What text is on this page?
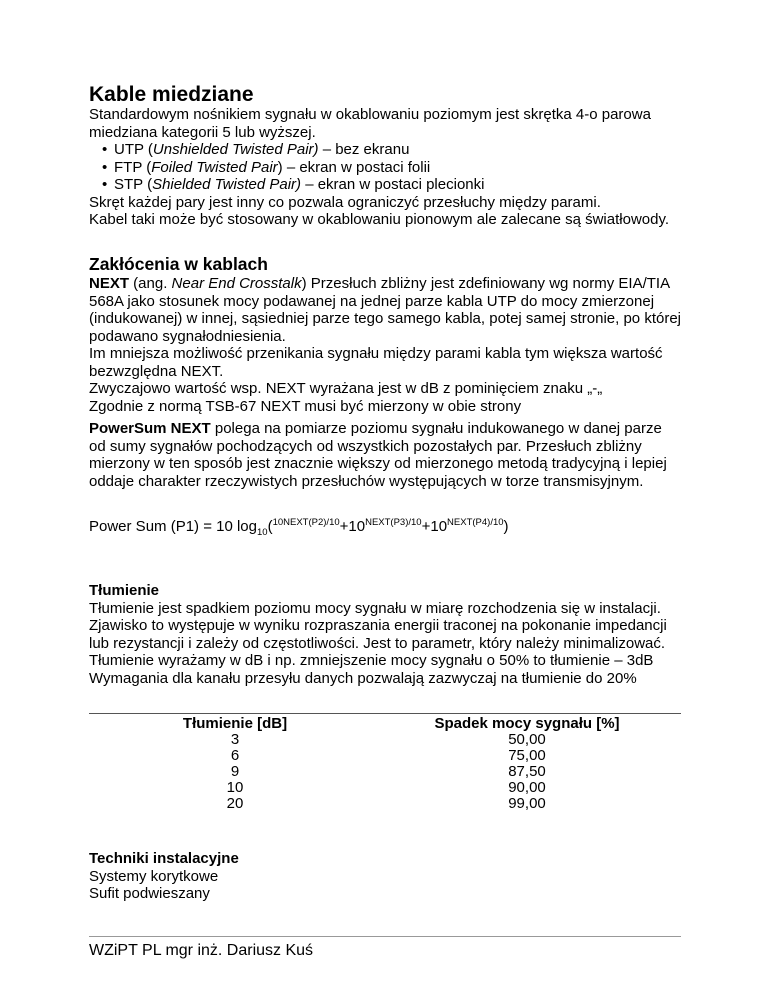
Kable miedziane

Standardowym nośnikiem sygnału w okablowaniu poziomym jest skrętka 4-o parowa miedziana kategorii 5 lub wyższej.

• UTP (Unshielded Twisted Pair) – bez ekranu
• FTP (Foiled Twisted Pair) – ekran w postaci folii
• STP (Shielded Twisted Pair) – ekran w postaci plecionki

Skręt każdej pary jest inny co pozwala ograniczyć przesłuchy między parami.

Kabel taki może być stosowany w okablowaniu pionowym ale zalecane są światłowody.

Zakłócenia w kablach

NEXT (ang. Near End Crosstalk) Przesłuch zbliżny jest zdefiniowany wg normy EIA/TIA 568A jako stosunek mocy podawanej na jednej parze kabla UTP do mocy zmierzonej (indukowanej) w innej, sąsiedniej parze tego samego kabla, potej samej stronie, po której podawano sygnałodniesienia.

Im mniejsza możliwość przenikania sygnału między parami kabla tym większa wartość bezwzględna NEXT.

Zwyczajowo wartość wsp. NEXT wyrażana jest w dB z pominięciem znaku „-„

Zgodnie z normą TSB-67 NEXT musi być mierzony w obie strony

PowerSum NEXT polega na pomiarze poziomu sygnału indukowanego w danej parze od sumy sygnałów pochodzących od wszystkich pozostałych par. Przesłuch zbliżny mierzony w ten sposób jest znacznie większy od mierzonego metodą tradycyjną i lepiej oddaje charakter rzeczywistych przesłuchów występujących w torze transmisyjnym.

Power Sum (P1) = 10 $\log_{10}(^{10NEXT(P2)/10}+10^{NEXT(P3)/10}+10^{NEXT(P4)/10})$

Tłumienie

Tłumienie jest spadkiem poziomu mocy sygnału w miarę rozchodzenia się w instalacji. Zjawisko to występuje w wyniku rozpraszania energii traconej na pokonanie impedancji lub rezystancji i zależy od częstotliwości. Jest to parametr, który należy minimalizować.

Tłumienie wyrażamy w dB i np. zmniejszenie mocy sygnału o 50% to tłumienie – 3dB

Wymagania dla kanału przesyłu danych pozwalają zazwyczaj na tłumienie do 20%

Tłumienie [dB]	Spadek mocy sygnału [%]
3	50,00
6	75,00
9	87,50
10	90,00
20	99,00

Techniki instalacyjne

Systemy korytkowe

Sufit podwieszany

WZiPT PL mgr inż. Dariusz Kuś
